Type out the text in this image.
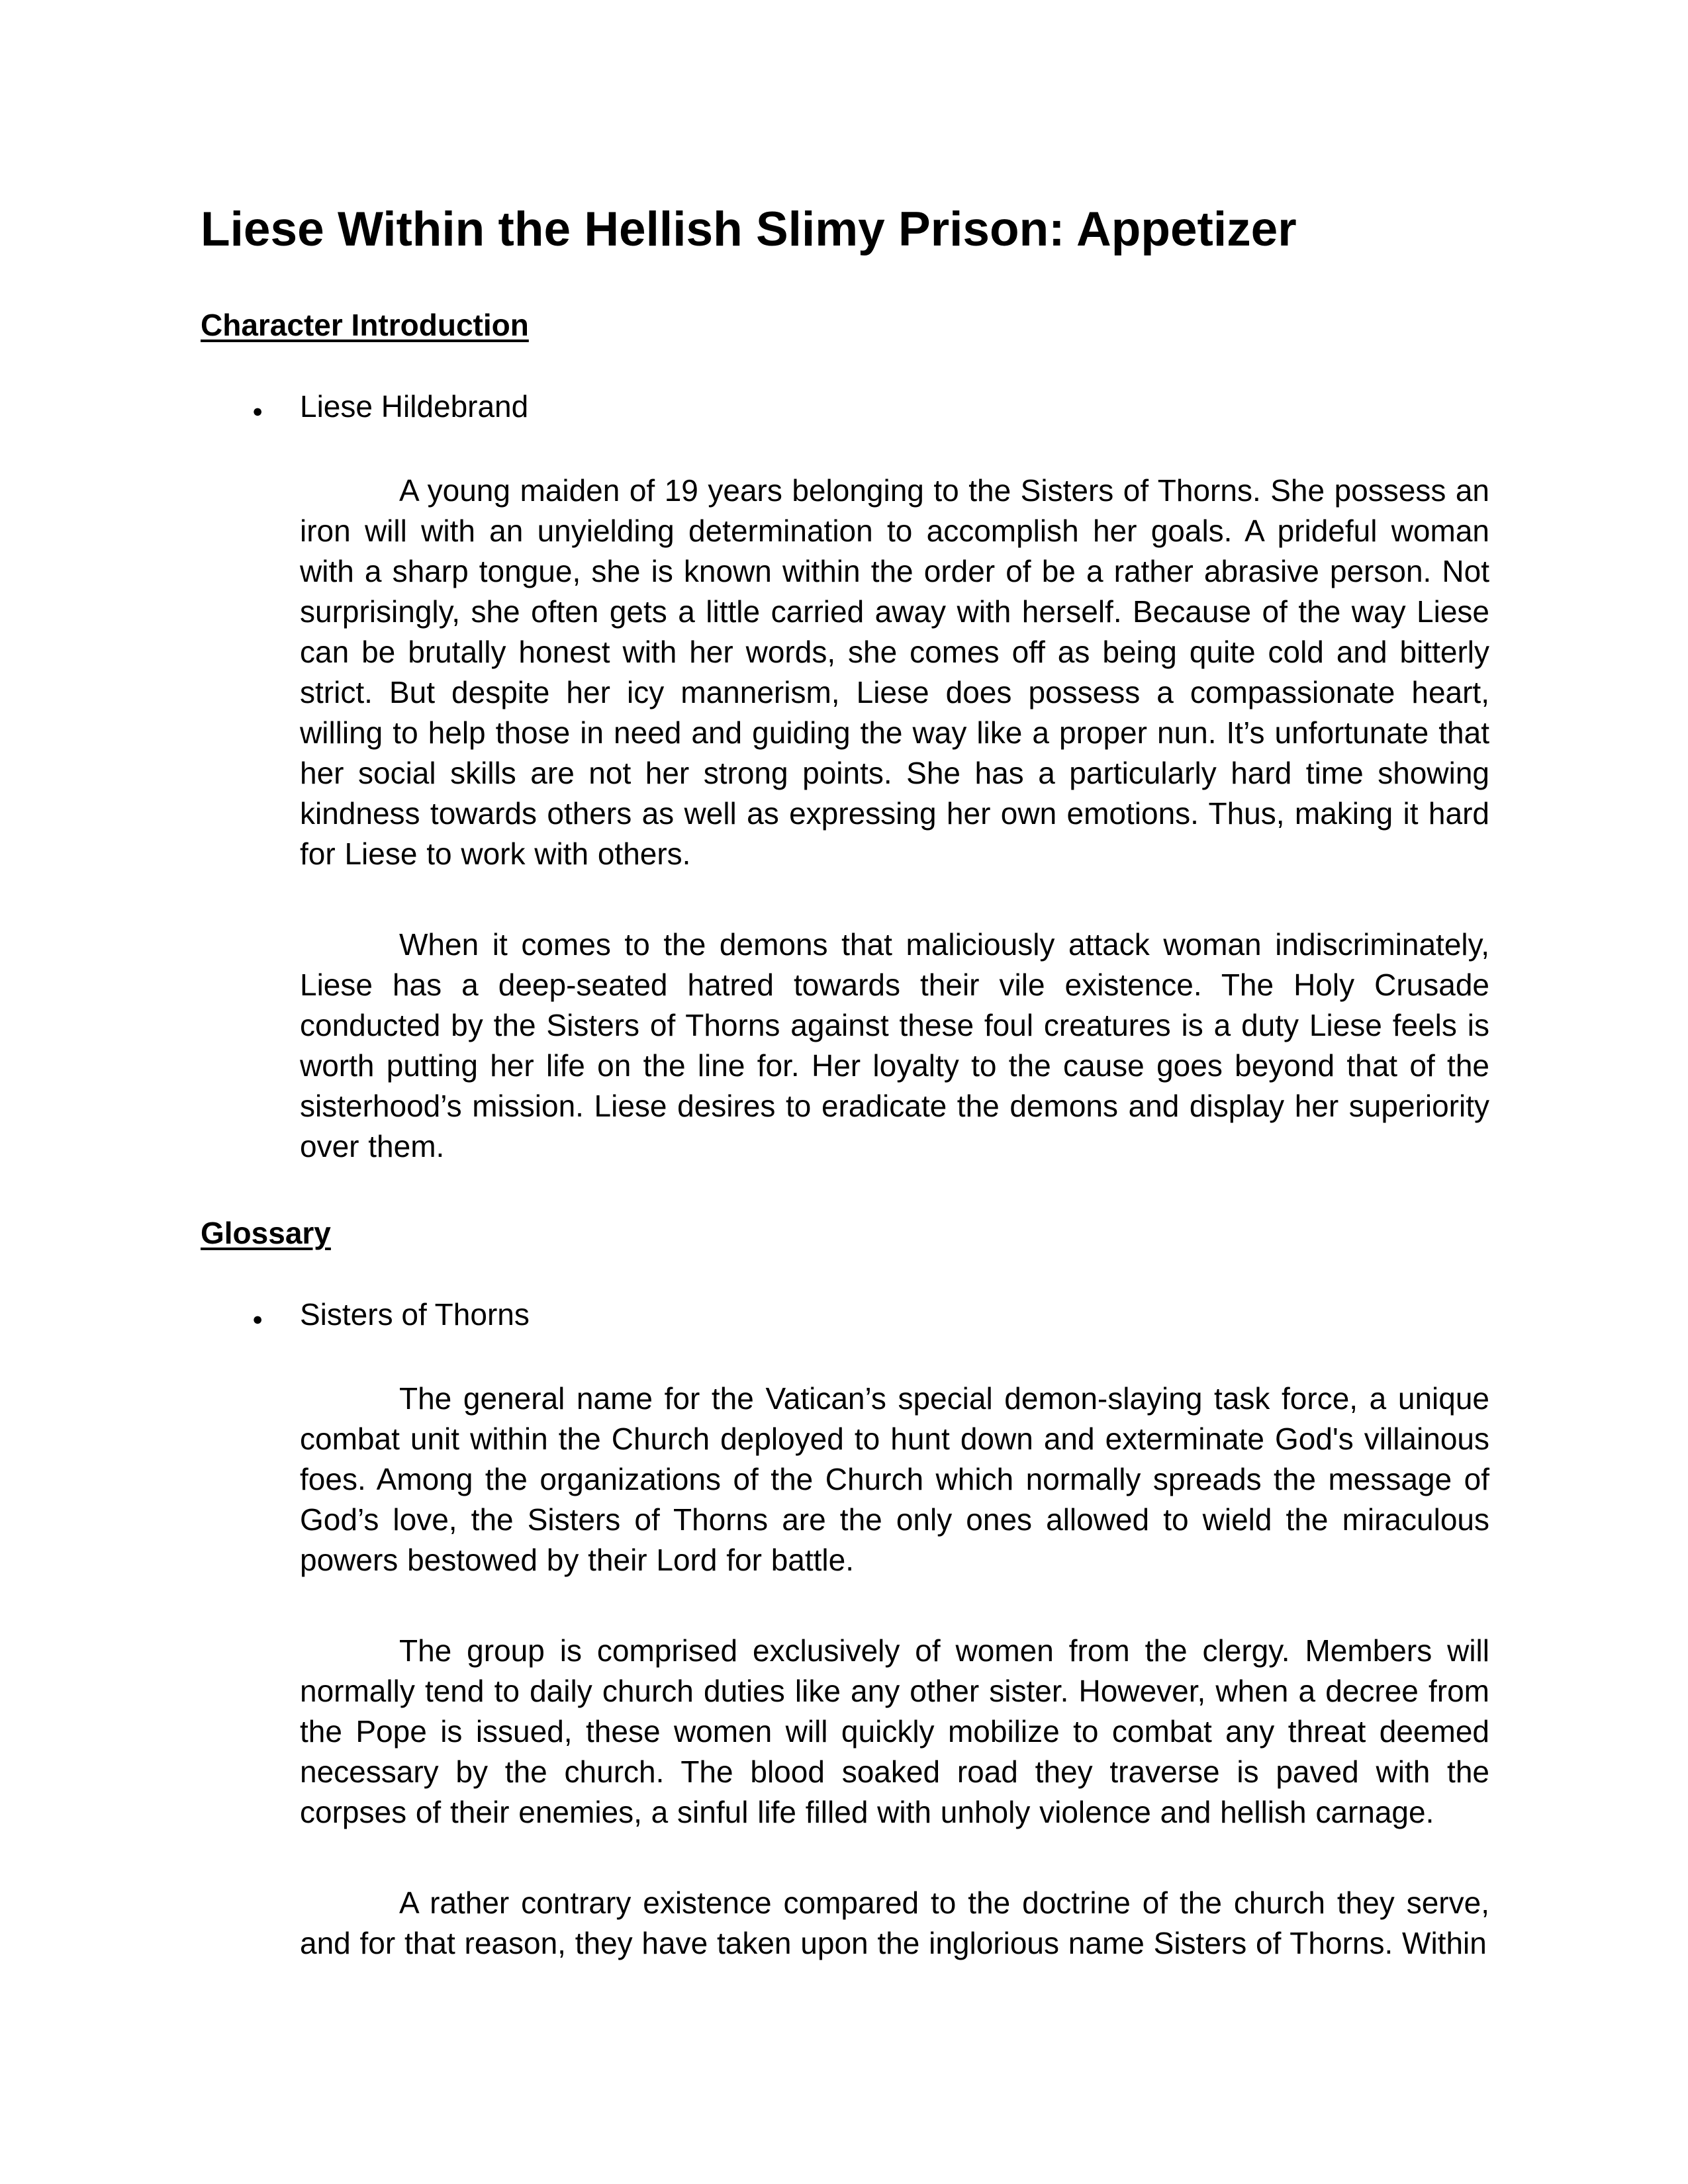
Liese Within the Hellish Slimy Prison: Appetizer
Character Introduction
●	Liese Hildebrand

A young maiden of 19 years belonging to the Sisters of Thorns. She possess an iron will with an unyielding determination to accomplish her goals. A prideful woman with a sharp tongue, she is known within the order of be a rather abrasive person. Not surprisingly, she often gets a little carried away with herself. Because of the way Liese can be brutally honest with her words, she comes off as being quite cold and bitterly strict. But despite her icy mannerism, Liese does possess a compassionate heart, willing to help those in need and guiding the way like a proper nun. It’s unfortunate that her social skills are not her strong points. She has a particularly hard time showing kindness towards others as well as expressing her own emotions. Thus, making it hard for Liese to work with others.

When it comes to the demons that maliciously attack woman indiscriminately, Liese has a deep-seated hatred towards their vile existence. The Holy Crusade conducted by the Sisters of Thorns against these foul creatures is a duty Liese feels is worth putting her life on the line for. Her loyalty to the cause goes beyond that of the sisterhood’s mission. Liese desires to eradicate the demons and display her superiority over them.

Glossary
●	Sisters of Thorns

The general name for the Vatican’s special demon-slaying task force, a unique combat unit within the Church deployed to hunt down and exterminate God's villainous foes. Among the organizations of the Church which normally spreads the message of God’s love, the Sisters of Thorns are the only ones allowed to wield the miraculous powers bestowed by their Lord for battle.

The group is comprised exclusively of women from the clergy. Members will normally tend to daily church duties like any other sister. However, when a decree from the Pope is issued, these women will quickly mobilize to combat any threat deemed necessary by the church. The blood soaked road they traverse is paved with the corpses of their enemies, a sinful life filled with unholy violence and hellish carnage.

A rather contrary existence compared to the doctrine of the church they serve, and for that reason, they have taken upon the inglorious name Sisters of Thorns. Within
